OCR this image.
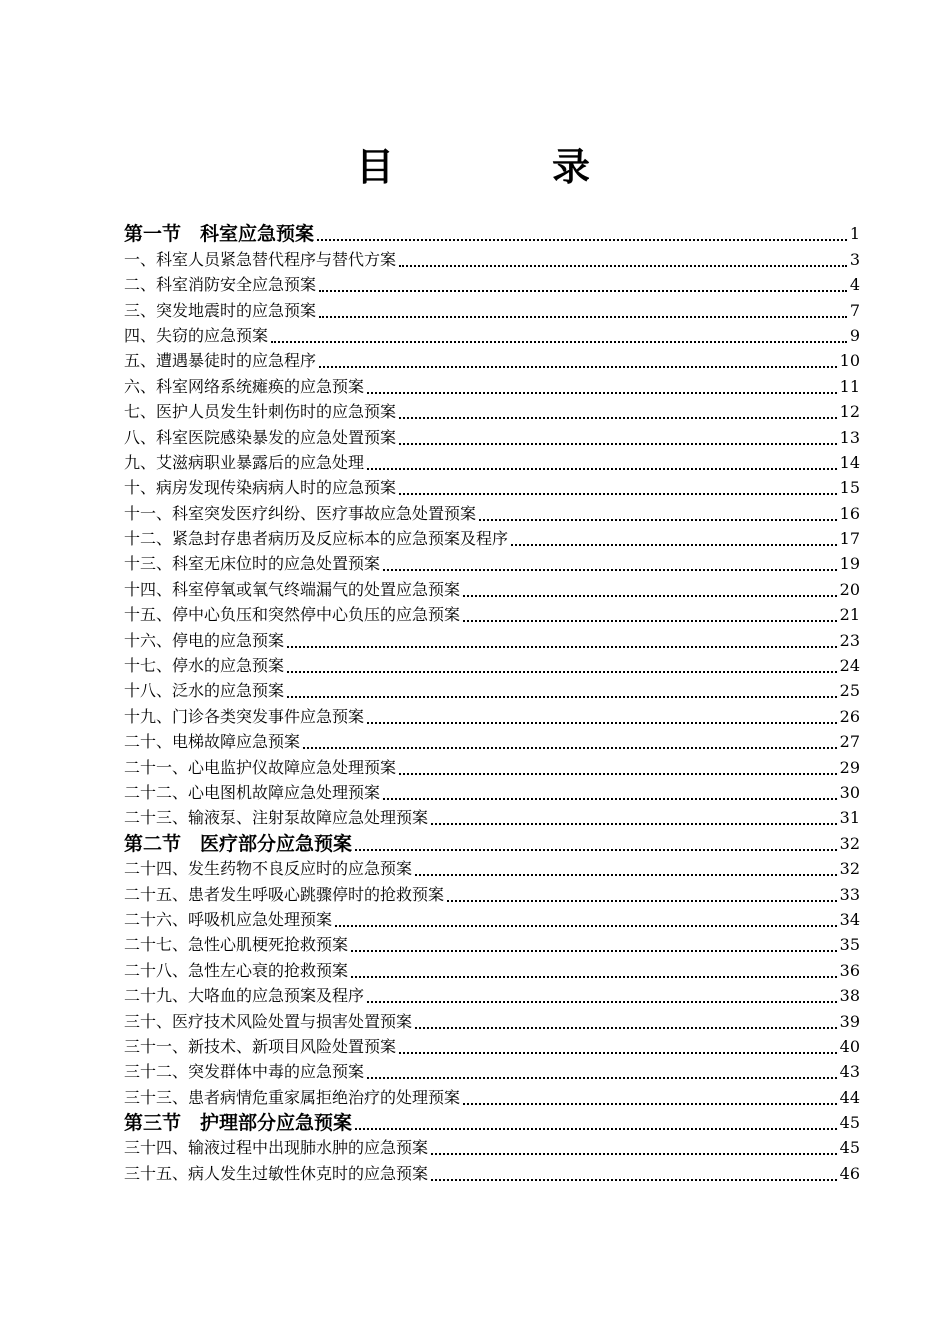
目　录
第一节　科室应急预案	1
一、科室人员紧急替代程序与替代方案	3
二、科室消防安全应急预案	4
三、突发地震时的应急预案	7
四、失窃的应急预案	9
五、遭遇暴徒时的应急程序	10
六、科室网络系统瘫痪的应急预案	11
七、医护人员发生针刺伤时的应急预案	12
八、科室医院感染暴发的应急处置预案	13
九、艾滋病职业暴露后的应急处理	14
十、病房发现传染病病人时的应急预案	15
十一、科室突发医疗纠纷、医疗事故应急处置预案	16
十二、紧急封存患者病历及反应标本的应急预案及程序	17
十三、科室无床位时的应急处置预案	19
十四、科室停氧或氧气终端漏气的处置应急预案	20
十五、停中心负压和突然停中心负压的应急预案	21
十六、停电的应急预案	23
十七、停水的应急预案	24
十八、泛水的应急预案	25
十九、门诊各类突发事件应急预案	26
二十、电梯故障应急预案	27
二十一、心电监护仪故障应急处理预案	29
二十二、心电图机故障应急处理预案	30
二十三、输液泵、注射泵故障应急处理预案	31
第二节　医疗部分应急预案	32
二十四、发生药物不良反应时的应急预案	32
二十五、患者发生呼吸心跳骤停时的抢救预案	33
二十六、呼吸机应急处理预案	34
二十七、急性心肌梗死抢救预案	35
二十八、急性左心衰的抢救预案	36
二十九、大咯血的应急预案及程序	38
三十、医疗技术风险处置与损害处置预案	39
三十一、新技术、新项目风险处置预案	40
三十二、突发群体中毒的应急预案	43
三十三、患者病情危重家属拒绝治疗的处理预案	44
第三节　护理部分应急预案	45
三十四、输液过程中出现肺水肿的应急预案	45
三十五、病人发生过敏性休克时的应急预案	46
